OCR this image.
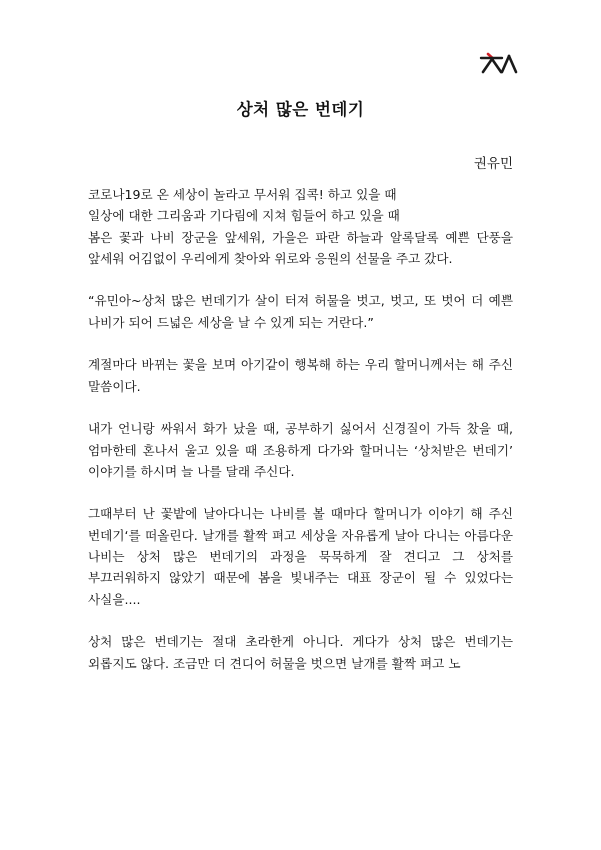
상처 많은 번데기

권유민

코로나19로 온 세상이 놀라고 무서워 집콕! 하고 있을 때
일상에 대한 그리움과 기다림에 지쳐 힘들어 하고 있을 때
봄은 꽃과 나비 장군을 앞세워, 가을은 파란 하늘과 알록달록 예쁜 단풍을 앞세워 어김없이 우리에게 찾아와 위로와 응원의 선물을 주고 갔다.

“유민아~상처 많은 번데기가 살이 터져 허물을 벗고, 벗고, 또 벗어 더 예쁜 나비가 되어 드넓은 세상을 날 수 있게 되는 거란다.”

계절마다 바뀌는 꽃을 보며 아기같이 행복해 하는 우리 할머니께서는 해 주신 말씀이다.

내가 언니랑 싸워서 화가 났을 때, 공부하기 싫어서 신경질이 가득 찼을 때, 엄마한테 혼나서 울고 있을 때 조용하게 다가와 할머니는 ‘상처받은 번데기’ 이야기를 하시며 늘 나를 달래 주신다.

그때부터 난 꽃밭에 날아다니는 나비를 볼 때마다 할머니가 이야기 해 주신 번데기‘를 떠올린다. 날개를 활짝 펴고 세상을 자유롭게 날아 다니는 아름다운 나비는 상처 많은 번데기의 과정을 묵묵하게 잘 견디고 그 상처를 부끄러워하지 않았기 때문에 봄을 빛내주는 대표 장군이 될 수 있었다는 사실을....

상처 많은 번데기는 절대 초라한게 아니다. 게다가 상처 많은 번데기는 외롭지도 않다. 조금만 더 견디어 허물을 벗으면 날개를 활짝 펴고 노
